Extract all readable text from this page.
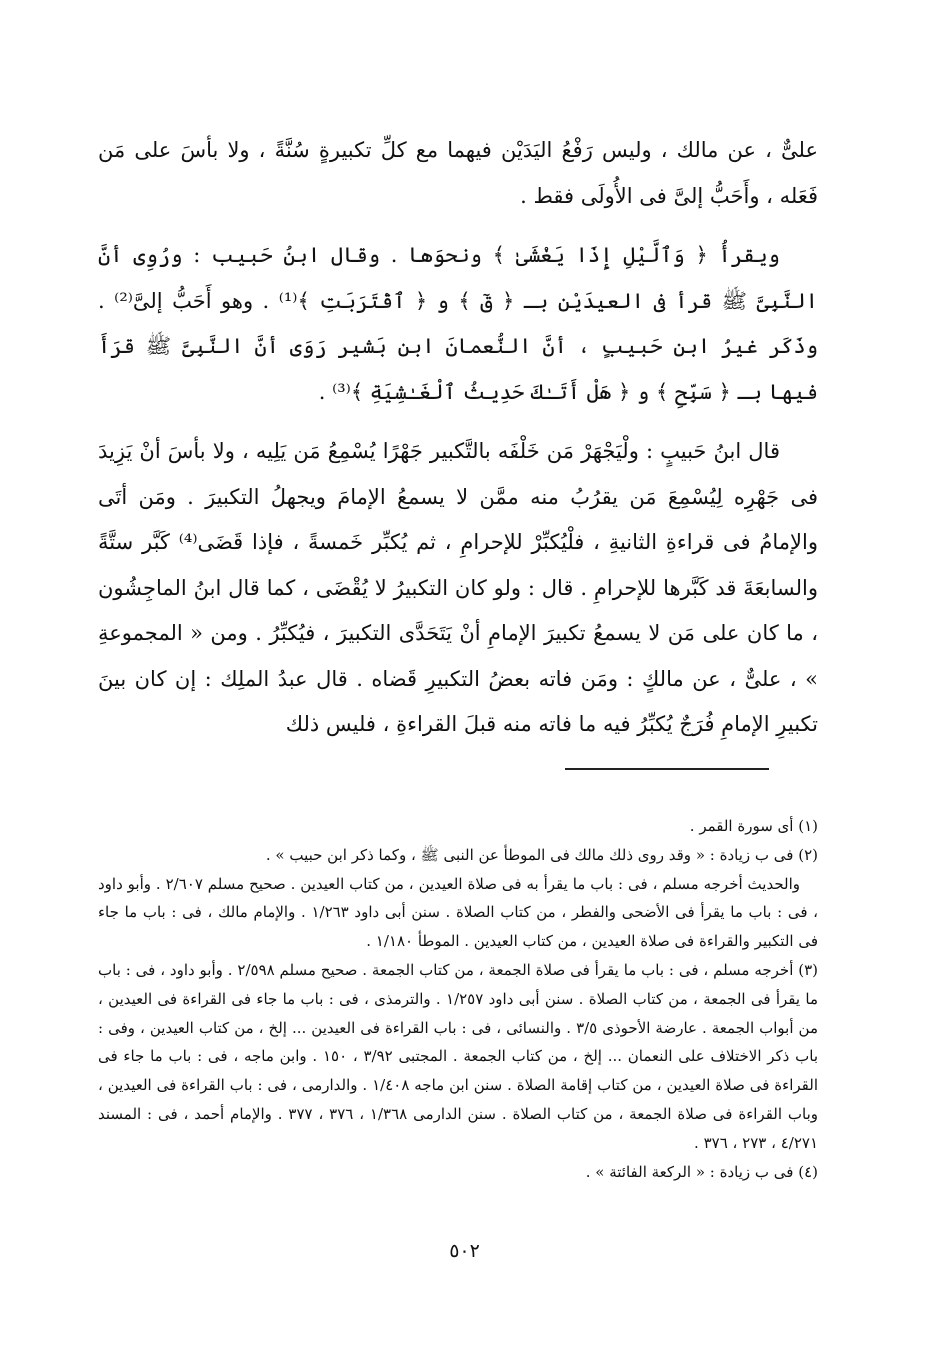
علىٌّ ، عن مالك ، وليس رَفْعُ اليَدَيْن فيهما مع كلِّ تكبيرةٍ سُنَّةً ، ولا بأسَ على مَن فَعَله ، وأَحَبُّ إلىَّ فى الأُولَى فقط .

ويقرأُ ﴿ وَٱلَّيْلِ إِذَا يَغْشَىٰ ﴾ ونحوَها . وقال ابنُ حَبيب : ورُوِى أنَّ النَّبِىَّ ﷺ قرأ فى العيدَيْن بـ ﴿ قٓ ﴾ و ﴿ ٱقْتَرَبَتِ ﴾⁽¹⁾ . وهو أَحَبُّ إلىَّ⁽²⁾ . وذَكَر غيرُ ابن حَبيبٍ ، أنَّ النُّعمانَ ابن بَشير رَوَى أنَّ النَّبِىَّ ﷺ قرَأَ فيها بـ ﴿ سَبِّحِ ﴾ و ﴿ هَلْ أَتَـٰكَ حَدِيثُ ٱلْغَـٰشِيَةِ ﴾⁽³⁾ .

قال ابنُ حَبيبٍ : ولْيَجْهَرْ مَن خَلْفَه بالتَّكبير جَهْرًا يُسْمِعُ مَن يَلِيه ، ولا بأسَ أنْ يَزِيدَ فى جَهْرِه لِيُسْمِعَ مَن يقرُبُ منه ممَّن لا يسمعُ الإمامَ ويجهلُ التكبيرَ . ومَن أتَى والإمامُ فى قراءةِ الثانيةِ ، فلْيُكبِّرْ للإحرامِ ، ثم يُكبِّر خَمسةً ، فإذا قَضَى⁽⁴⁾ كَبَّر ستَّةً والسابعَةَ قد كَبَّرها للإحرامِ . قال : ولو كان التكبيرُ لا يُقْضَى ، كما قال ابنُ الماجِشُون ، ما كان على مَن لا يسمعُ تكبيرَ الإمامِ أنْ يَتَحَدَّى التكبيرَ ، فيُكبِّرُ . ومن « المجموعةِ » ، علىٌّ ، عن مالكٍ : ومَن فاته بعضُ التكبيرِ قَضاه . قال عبدُ الملِك : إن كان بينَ تكبيرِ الإمامِ فُرَجٌ يُكبِّرُ فيه ما فاته منه قبلَ القراءةِ ، فليس ذلك

(١) أى سورة القمر .

(٢) فى ب زيادة : « وقد روى ذلك مالك فى الموطأ عن النبى ﷺ ، وكما ذكر ابن حبيب » .

والحديث أخرجه مسلم ، فى : باب ما يقرأ به فى صلاة العيدين ، من كتاب العيدين . صحيح مسلم ٢/٦٠٧ . وأبو داود ، فى : باب ما يقرأ فى الأضحى والفطر ، من كتاب الصلاة . سنن أبى داود ١/٢٦٣ . والإمام مالك ، فى : باب ما جاء فى التكبير والقراءة فى صلاة العيدين ، من كتاب العيدين . الموطأ ١/١٨٠ .

(٣) أخرجه مسلم ، فى : باب ما يقرأ فى صلاة الجمعة ، من كتاب الجمعة . صحيح مسلم ٢/٥٩٨ . وأبو داود ، فى : باب ما يقرأ فى الجمعة ، من كتاب الصلاة . سنن أبى داود ١/٢٥٧ . والترمذى ، فى : باب ما جاء فى القراءة فى العيدين ، من أبواب الجمعة . عارضة الأحوذى ٣/٥ . والنسائى ، فى : باب القراءة فى العيدين ... إلخ ، من كتاب العيدين ، وفى : باب ذكر الاختلاف على النعمان ... إلخ ، من كتاب الجمعة . المجتبى ٣/٩٢ ، ١٥٠ . وابن ماجه ، فى : باب ما جاء فى القراءة فى صلاة العيدين ، من كتاب إقامة الصلاة . سنن ابن ماجه ١/٤٠٨ . والدارمى ، فى : باب القراءة فى العيدين ، وباب القراءة فى صلاة الجمعة ، من كتاب الصلاة . سنن الدارمى ١/٣٦٨ ، ٣٧٦ ، ٣٧٧ . والإمام أحمد ، فى : المسند ٤/٢٧١ ، ٢٧٣ ، ٣٧٦ .

(٤) فى ب زيادة : « الركعة الفائتة » .

٥٠٢
